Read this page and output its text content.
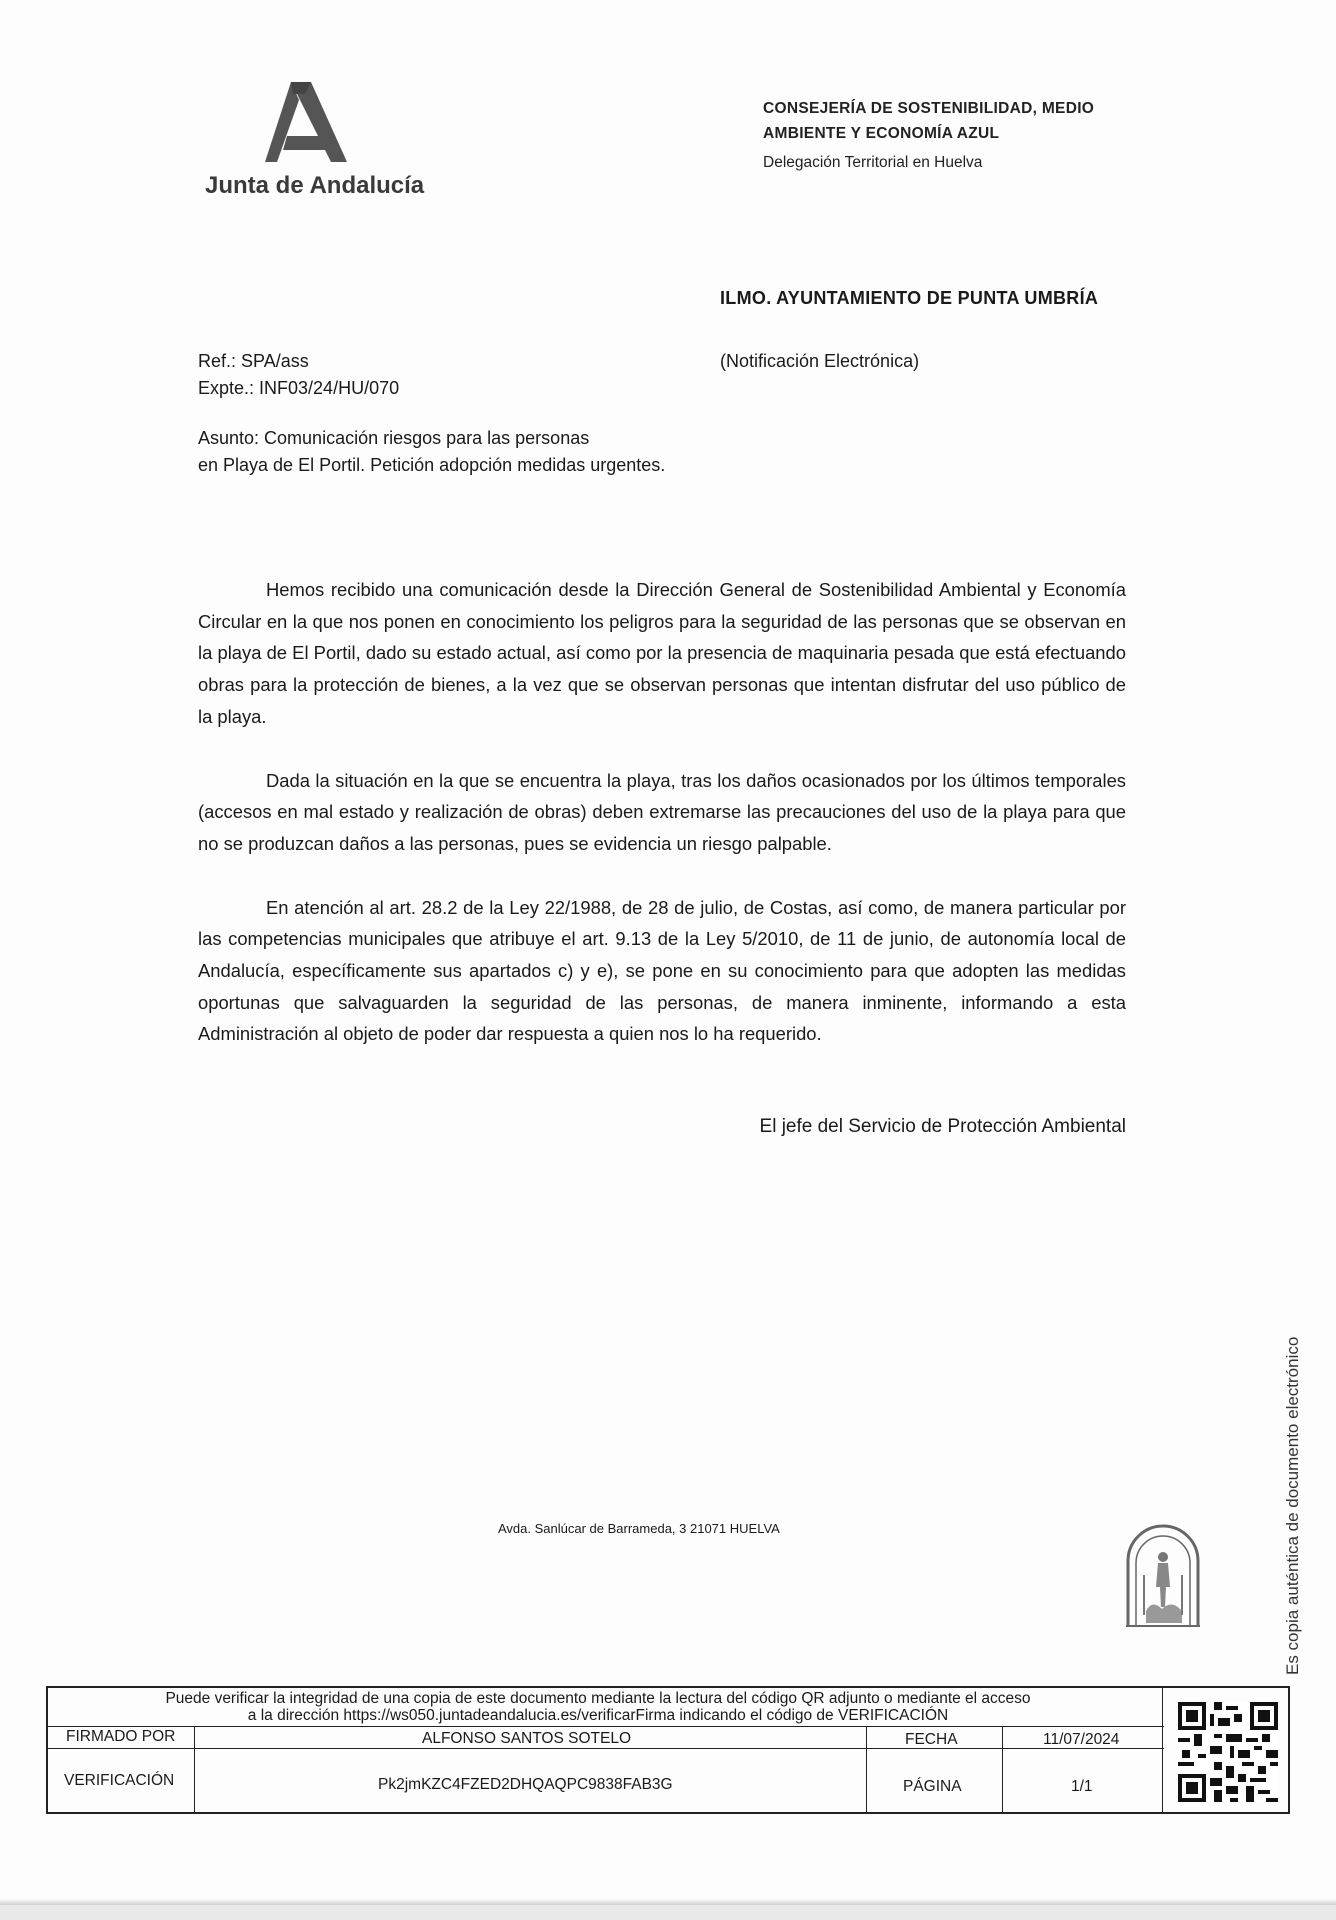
Junta de Andalucía
CONSEJERÍA DE SOSTENIBILIDAD, MEDIO
AMBIENTE Y ECONOMÍA AZUL
Delegación Territorial en Huelva
ILMO. AYUNTAMIENTO DE PUNTA UMBRÍA
(Notificación Electrónica)
Ref.: SPA/ass
Expte.: INF03/24/HU/070
Asunto: Comunicación riesgos para las personas
en Playa de El Portil. Petición adopción medidas urgentes.

Hemos recibido una comunicación desde la Dirección General de Sostenibilidad Ambiental y Economía Circular en la que nos ponen en conocimiento los peligros para la seguridad de las personas que se observan en la playa de El Portil, dado su estado actual, así como por la presencia de maquinaria pesada que está efectuando obras para la protección de bienes, a la vez que se observan personas que intentan disfrutar del uso público de la playa.

Dada la situación en la que se encuentra la playa, tras los daños ocasionados por los últimos temporales (accesos en mal estado y realización de obras) deben extremarse las precauciones del uso de la playa para que no se produzcan daños a las personas, pues se evidencia un riesgo palpable.

En atención al art. 28.2 de la Ley 22/1988, de 28 de julio, de Costas, así como, de manera particular por las competencias municipales que atribuye el art. 9.13 de la Ley 5/2010, de 11 de junio, de autonomía local de Andalucía, específicamente sus apartados c) y e), se pone en su conocimiento para que adopten las medidas oportunas que salvaguarden la seguridad de las personas, de manera inminente, informando a esta Administración al objeto de poder dar respuesta a quien nos lo ha requerido.

El jefe del Servicio de Protección Ambiental
Avda. Sanlúcar de Barrameda, 3 21071 HUELVA	Es copia auténtica de documento electrónico
Puede verificar la integridad de una copia de este documento mediante la lectura del código QR adjunto o mediante el acceso
a la dirección https://ws050.juntadeandalucia.es/verificarFirma indicando el código de VERIFICACIÓN
FIRMADO POR	ALFONSO SANTOS SOTELO	FECHA	11/07/2024
VERIFICACIÓN	Pk2jmKZC4FZED2DHQAQPC9838FAB3G	PÁGINA	1/1
